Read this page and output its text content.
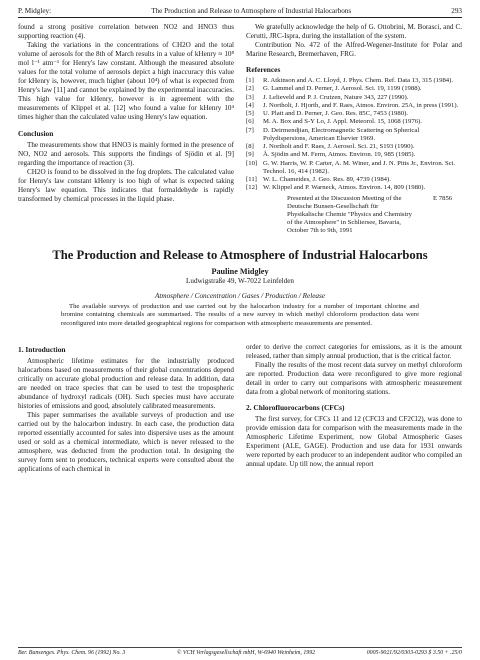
P. Midgley:	The Production and Release to Atmosphere of Industrial Halocarbons	293

found a strong positive correlation between NO2 and HNO3 thus supporting reaction (4).

Taking the variations in the concentrations of CH2O and the total volume of aerosols for the 8th of March results in a value of kHenry ≈ 10⁸ mol l⁻¹ atm⁻¹ for Henry's law constant. Although the measured absolute values for the total volume of aerosols depict a high inaccuracy this value for kHenry is, however, much higher (about 10⁴) of what is expected from Henry's law [11] and cannot be explained by the experimental inaccuracies. This high value for kHenry, however is in agreement with the measurements of Klippel et al. [12] who found a value for kHenry 10⁴ times higher than the calculated value using Henry's law equation.

Conclusion

The measurements show that HNO3 is mainly formed in the presence of NO, NO2 and aerosols. This supports the findings of Sjödin et al. [9] regarding the importance of reaction (3).

CH2O is found to be dissolved in the fog droplets. The calculated value for Henry's law constant kHenry is too high of what is expected taking Henry's law equation. This indicates that formaldehyde is rapidly transformed by chemical processes in the liquid phase.

We gratefully acknowledge the help of G. Ottobrini, M. Borasci, and C. Cerutti, JRC-Ispra, during the installation of the system.

Contribution No. 472 of the Alfred-Wegener-Institute for Polar and Marine Research, Bremerhaven, FRG.

References
[1]	R. Atkinson and A. C. Lloyd, J. Phys. Chem. Ref. Data 13, 315 (1984).
[2]	G. Lammel and D. Perner, J. Aerosol. Sci. 19, 1199 (1988).
[3]	J. Lelieveld and P. J. Crutzen, Nature 343, 227 (1990).
[4]	J. Northolt, J. Hjorth, and F. Raes, Atmos. Environ. 25A, in press (1991).
[5]	U. Platt and D. Perner, J. Geo. Res. 85C, 7453 (1980).
[6]	M. A. Box and S-Y Lo, J. Appl. Meteorol. 15, 1068 (1976).
[7]	D. Deirmendjian, Electromagnetic Scattering on Spherical Polydispersions, American Elsevier 1969.
[8]	J. Northolt and F. Raes, J. Aerosol. Sci. 21, S193 (1990).
[9]	Å. Sjödin and M. Ferm, Atmos. Environ. 19, 985 (1985).
[10] G. W. Harris, W. P. Carter, A. M. Winer, and J. N. Pitts Jr., Environ. Sci. Technol. 16, 414 (1982).
[11] W. L. Chameides, J. Geo. Res. 89, 4739 (1984).
[12] W. Klippel and P. Warneck, Atmos. Environ. 14, 809 (1980).
Presented at the Discussion Meeting of the Deutsche Bunsen-Gesellschaft für Physikalische Chemie "Physics and Chemistry of the Atmosphere" in Schliersee, Bavaria, October 7th to 9th, 1991
E 7856
The Production and Release to Atmosphere of Industrial Halocarbons
Pauline Midgley
Ludwigstraße 49, W-7022 Leinfelden
Atmosphere / Concentration / Gases / Production / Release
The available surveys of production and use carried out by the halocarbon industry for a number of important chlorine and bromine containing chemicals are summarised. The results of a new survey in which methyl chloroform production data were reconfigured into more detailed geographical regions for comparison with atmospheric measurements are presented.
1. Introduction

Atmospheric lifetime estimates for the industrially produced halocarbons based on measurements of their global concentrations depend critically on accurate global production and release data. In addition, data are needed on trace species that can be used to test the tropospheric abundance of hydroxyl radicals (OH). Such species must have accurate histories of emissions and good, absolutely calibrated measurements.

This paper summarises the available surveys of production and use carried out by the halocarbon industry. In each case, the production data reported essentially accounted for sales into dispersive uses as the amount used or sold as a chemical intermediate, which is never released to the atmosphere, was deducted from the production total. In designing the survey form sent to producers, technical experts were consulted about the applications of each chemical in

order to derive the correct categories for emissions, as it is the amount released, rather than simply annual production, that is the critical factor.

Finally the results of the most recent data survey on methyl chloroform are reported. Production data were reconfigured to give more regional detail in order to carry out comparisons with atmospheric measurement data from a global network of monitoring stations.

2. Chlorofluorocarbons (CFCs)

The first survey, for CFCs 11 and 12 (CFCl3 and CF2Cl2), was done to provide emission data for comparison with the measurements made in the Atmospheric Lifetime Experiment, now Global Atmospheric Gases Experiment (ALE, GAGE). Production and use data for 1931 onwards were reported by each producer to an independent auditor who compiled an annual update. Up till now, the annual report

Ber. Bunsenges. Phys. Chem. 96 (1992) No. 3	© VCH Verlagsgesellschaft mbH, W-6940 Weinheim, 1992	0005-9021/92/0303-0293 $ 3.50 + .25/0
